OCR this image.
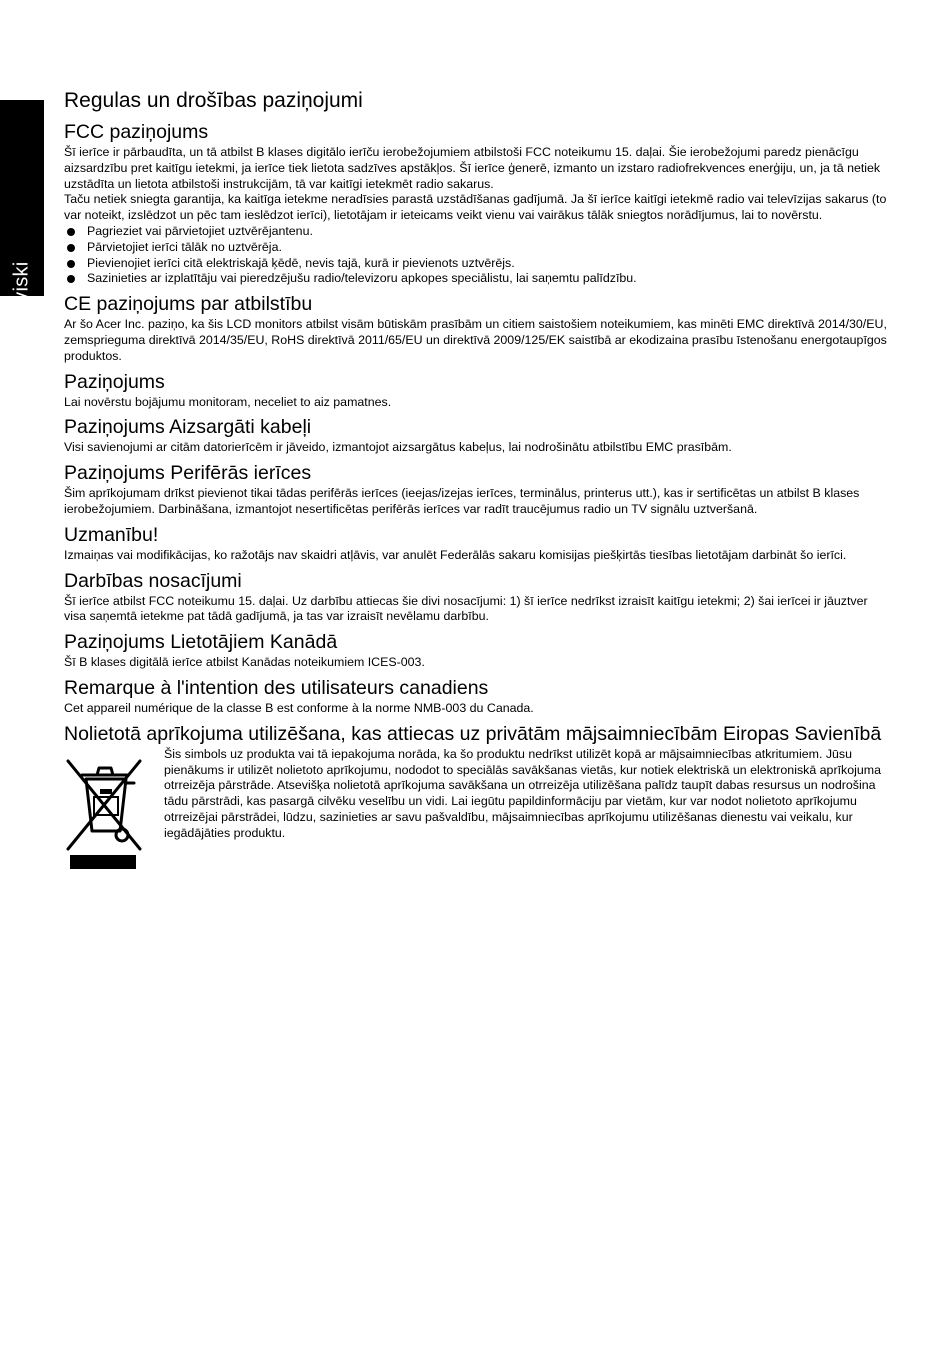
Latviski
Regulas un drošības paziņojumi
FCC paziņojums

Šī ierīce ir pārbaudīta, un tā atbilst B klases digitālo ierīču ierobežojumiem atbilstoši FCC noteikumu 15. daļai. Šie ierobežojumi paredz pienācīgu aizsardzību pret kaitīgu ietekmi, ja ierīce tiek lietota sadzīves apstākļos. Šī ierīce ģenerē, izmanto un izstaro radiofrekvences enerģiju, un, ja tā netiek uzstādīta un lietota atbilstoši instrukcijām, tā var kaitīgi ietekmēt radio sakarus.

Taču netiek sniegta garantija, ka kaitīga ietekme neradīsies parastā uzstādīšanas gadījumā. Ja šī ierīce kaitīgi ietekmē radio vai televīzijas sakarus (to var noteikt, izslēdzot un pēc tam ieslēdzot ierīci), lietotājam ir ieteicams veikt vienu vai vairākus tālāk sniegtos norādījumus, lai to novērstu.

Pagrieziet vai pārvietojiet uztvērējantenu.
Pārvietojiet ierīci tālāk no uztvērēja.
Pievienojiet ierīci citā elektriskajā ķēdē, nevis tajā, kurā ir pievienots uztvērējs.
Sazinieties ar izplatītāju vai pieredzējušu radio/televizoru apkopes speciālistu, lai saņemtu palīdzību.
CE paziņojums par atbilstību

Ar šo Acer Inc. paziņo, ka šis LCD monitors atbilst visām būtiskām prasībām un citiem saistošiem noteikumiem, kas minēti EMC direktīvā 2014/30/EU, zemsprieguma direktīvā 2014/35/EU, RoHS direktīvā 2011/65/EU un direktīvā 2009/125/EK saistībā ar ekodizaina prasību īstenošanu energotaupīgos produktos.

Paziņojums

Lai novērstu bojājumu monitoram, neceliet to aiz pamatnes.

Paziņojums Aizsargāti kabeļi

Visi savienojumi ar citām datorierīcēm ir jāveido, izmantojot aizsargātus kabeļus, lai nodrošinātu atbilstību EMC prasībām.

Paziņojums Perifērās ierīces

Šim aprīkojumam drīkst pievienot tikai tādas perifērās ierīces (ieejas/izejas ierīces, terminālus, printerus utt.), kas ir sertificētas un atbilst B klases ierobežojumiem. Darbināšana, izmantojot nesertificētas perifērās ierīces var radīt traucējumus radio un TV signālu uztveršanā.

Uzmanību!

Izmaiņas vai modifikācijas, ko ražotājs nav skaidri atļāvis, var anulēt Federālās sakaru komisijas piešķirtās tiesības lietotājam darbināt šo ierīci.

Darbības nosacījumi

Šī ierīce atbilst FCC noteikumu 15. daļai. Uz darbību attiecas šie divi nosacījumi: 1) šī ierīce nedrīkst izraisīt kaitīgu ietekmi; 2) šai ierīcei ir jāuztver visa saņemtā ietekme pat tādā gadījumā, ja tas var izraisīt nevēlamu darbību.

Paziņojums Lietotājiem Kanādā

Šī B klases digitālā ierīce atbilst Kanādas noteikumiem ICES-003.

Remarque à l'intention des utilisateurs canadiens

Cet appareil numérique de la classe B est conforme à la norme NMB-003 du Canada.

Nolietotā aprīkojuma utilizēšana, kas attiecas uz privātām mājsaimniecībām Eiropas Savienībā

Šis simbols uz produkta vai tā iepakojuma norāda, ka šo produktu nedrīkst utilizēt kopā ar mājsaimniecības atkritumiem. Jūsu pienākums ir utilizēt nolietoto aprīkojumu, nododot to speciālās savākšanas vietās, kur notiek elektriskā un elektroniskā aprīkojuma otrreizēja pārstrāde. Atsevišķa nolietotā aprīkojuma savākšana un otrreizēja utilizēšana palīdz taupīt dabas resursus un nodrošina tādu pārstrādi, kas pasargā cilvēku veselību un vidi. Lai iegūtu papildinformāciju par vietām, kur var nodot nolietoto aprīkojumu otrreizējai pārstrādei, lūdzu, sazinieties ar savu pašvaldību, mājsaimniecības aprīkojumu utilizēšanas dienestu vai veikalu, kur iegādājāties produktu.
